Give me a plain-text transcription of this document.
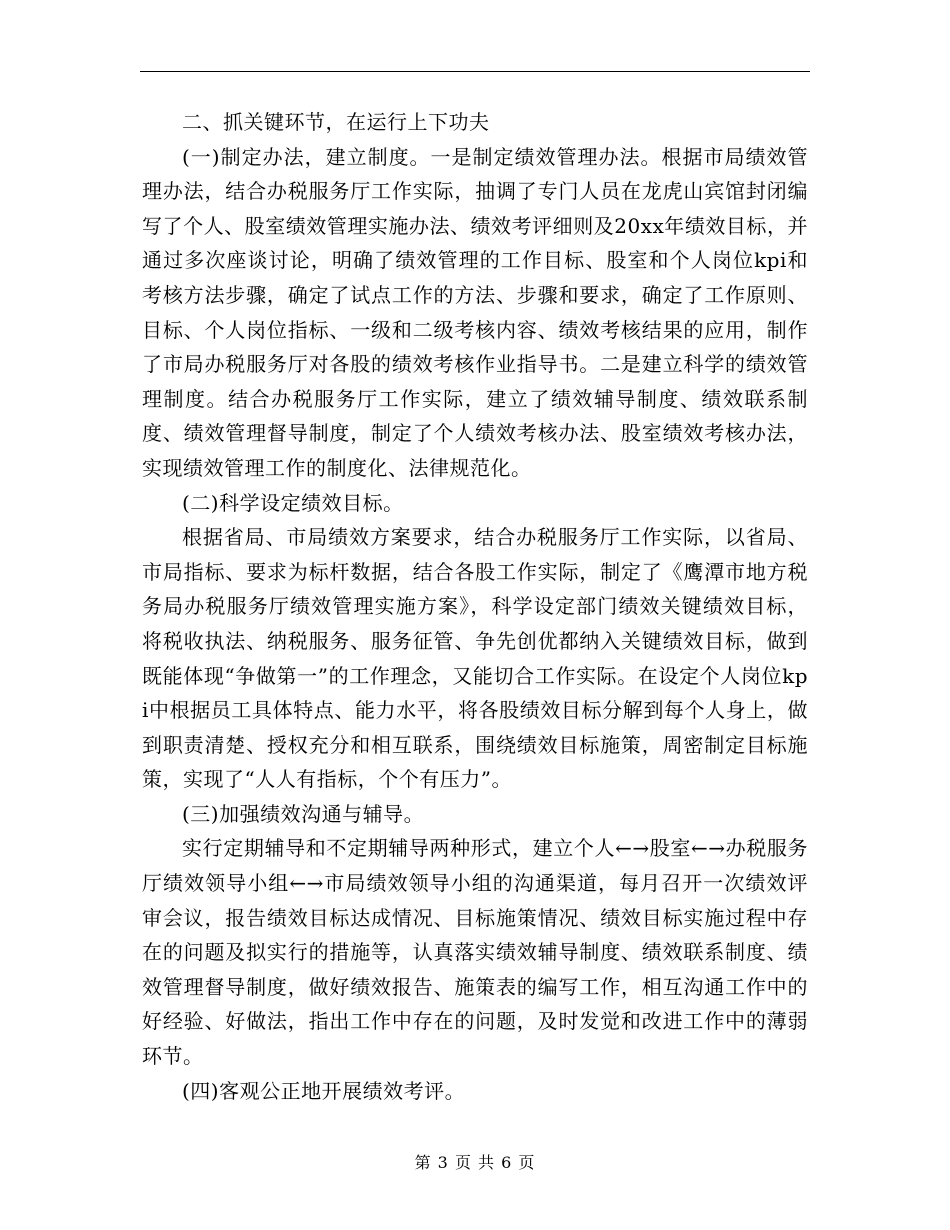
二、抓关键环节，在运行上下功夫

(一)制定办法，建立制度。一是制定绩效管理办法。根据市局绩效管理办法，结合办税服务厅工作实际，抽调了专门人员在龙虎山宾馆封闭编写了个人、股室绩效管理实施办法、绩效考评细则及20xx年绩效目标，并通过多次座谈讨论，明确了绩效管理的工作目标、股室和个人岗位kpi和考核方法步骤，确定了试点工作的方法、步骤和要求，确定了工作原则、目标、个人岗位指标、一级和二级考核内容、绩效考核结果的应用，制作了市局办税服务厅对各股的绩效考核作业指导书。二是建立科学的绩效管理制度。结合办税服务厅工作实际，建立了绩效辅导制度、绩效联系制度、绩效管理督导制度，制定了个人绩效考核办法、股室绩效考核办法，实现绩效管理工作的制度化、法律规范化。

(二)科学设定绩效目标。

根据省局、市局绩效方案要求，结合办税服务厅工作实际，以省局、市局指标、要求为标杆数据，结合各股工作实际，制定了《鹰潭市地方税务局办税服务厅绩效管理实施方案》，科学设定部门绩效关键绩效目标，将税收执法、纳税服务、服务征管、争先创优都纳入关键绩效目标，做到既能体现“争做第一”的工作理念，又能切合工作实际。在设定个人岗位kpi中根据员工具体特点、能力水平，将各股绩效目标分解到每个人身上，做到职责清楚、授权充分和相互联系，围绕绩效目标施策，周密制定目标施策，实现了“人人有指标，个个有压力”。

(三)加强绩效沟通与辅导。

实行定期辅导和不定期辅导两种形式，建立个人←→股室←→办税服务厅绩效领导小组←→市局绩效领导小组的沟通渠道，每月召开一次绩效评审会议，报告绩效目标达成情况、目标施策情况、绩效目标实施过程中存在的问题及拟实行的措施等，认真落实绩效辅导制度、绩效联系制度、绩效管理督导制度，做好绩效报告、施策表的编写工作，相互沟通工作中的好经验、好做法，指出工作中存在的问题，及时发觉和改进工作中的薄弱环节。

(四)客观公正地开展绩效考评。

第 3 页 共 6 页
